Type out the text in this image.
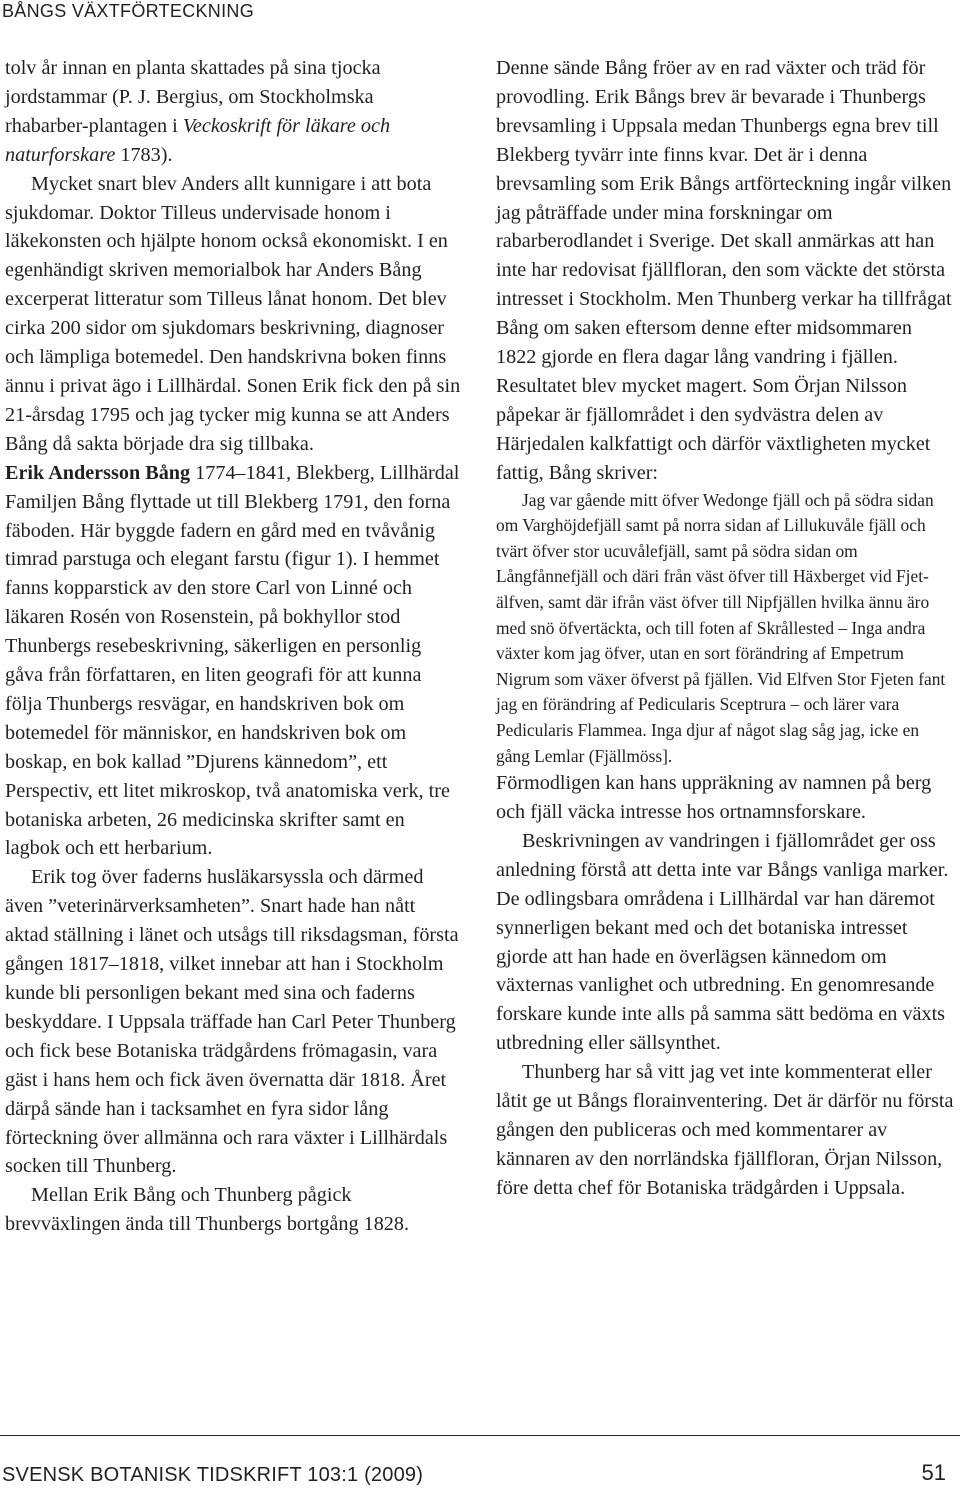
BÅNGS VÄXTFÖRTECKNING

tolv år innan en planta skattades på sina tjocka jordstammar (P. J. Bergius, om Stockholmska rhabarber-plantagen i Veckoskrift för läkare och naturforskare 1783).

Mycket snart blev Anders allt kunnigare i att bota sjukdomar. Doktor Tilleus undervisade honom i läkekonsten och hjälpte honom också ekonomiskt. I en egenhändigt skriven memorialbok har Anders Bång excerperat litteratur som Tilleus lånat honom. Det blev cirka 200 sidor om sjukdomars beskrivning, diagnoser och lämpliga botemedel. Den handskrivna boken finns ännu i privat ägo i Lillhärdal. Sonen Erik fick den på sin 21-årsdag 1795 och jag tycker mig kunna se att Anders Bång då sakta började dra sig tillbaka.

Erik Andersson Bång 1774–1841, Blekberg, Lillhärdal

Familjen Bång flyttade ut till Blekberg 1791, den forna fäboden. Här byggde fadern en gård med en tvåvånig timrad parstuga och elegant farstu (figur 1). I hemmet fanns kopparstick av den store Carl von Linné och läkaren Rosén von Rosenstein, på bokhyllor stod Thunbergs resebeskrivning, säkerligen en personlig gåva från författaren, en liten geografi för att kunna följa Thunbergs resvägar, en handskriven bok om botemedel för människor, en handskriven bok om boskap, en bok kallad ”Djurens kännedom”, ett Perspectiv, ett litet mikroskop, två anatomiska verk, tre botaniska arbeten, 26 medicinska skrifter samt en lagbok och ett herbarium.

Erik tog över faderns husläkarsyssla och därmed även ”veterinärverksamheten”. Snart hade han nått aktad ställning i länet och utsågs till riksdagsman, första gången 1817–1818, vilket innebar att han i Stockholm kunde bli personligen bekant med sina och faderns beskyddare. I Uppsala träffade han Carl Peter Thunberg och fick bese Botaniska trädgårdens frömagasin, vara gäst i hans hem och fick även övernatta där 1818. Året därpå sände han i tacksamhet en fyra sidor lång förteckning över allmänna och rara växter i Lillhärdals socken till Thunberg.

Mellan Erik Bång och Thunberg pågick brevväxlingen ända till Thunbergs bortgång 1828.

Denne sände Bång fröer av en rad växter och träd för provodling. Erik Bångs brev är bevarade i Thunbergs brevsamling i Uppsala medan Thunbergs egna brev till Blekberg tyvärr inte finns kvar. Det är i denna brevsamling som Erik Bångs artförteckning ingår vilken jag påträffade under mina forskningar om rabarberodlandet i Sverige. Det skall anmärkas att han inte har redovisat fjällfloran, den som väckte det största intresset i Stockholm. Men Thunberg verkar ha tillfrågat Bång om saken eftersom denne efter midsommaren 1822 gjorde en flera dagar lång vandring i fjällen. Resultatet blev mycket magert. Som Örjan Nilsson påpekar är fjällområdet i den sydvästra delen av Härjedalen kalkfattigt och därför växtligheten mycket fattig, Bång skriver:

Jag var gående mitt öfver Wedonge fjäll och på södra sidan om Varghöjdefjäll samt på norra sidan af Lillukuvåle fjäll och tvärt öfver stor ucuvålefjäll, samt på södra sidan om Långfånnefjäll och däri från väst öfver till Häxberget vid Fjet-älfven, samt där ifrån väst öfver till Nipfjällen hvilka ännu äro med snö öfvertäckta, och till foten af Skrållested – Inga andra växter kom jag öfver, utan en sort förändring af Empetrum Nigrum som växer öfverst på fjällen. Vid Elfven Stor Fjeten fant jag en förändring af Pedicularis Sceptrura – och lärer vara Pedicularis Flammea. Inga djur af något slag såg jag, icke en gång Lemlar (Fjällmöss].

Förmodligen kan hans uppräkning av namnen på berg och fjäll väcka intresse hos ortnamnsforskare.

Beskrivningen av vandringen i fjällområdet ger oss anledning förstå att detta inte var Bångs vanliga marker. De odlingsbara områdena i Lillhärdal var han däremot synnerligen bekant med och det botaniska intresset gjorde att han hade en överlägsen kännedom om växternas vanlighet och utbredning. En genomresande forskare kunde inte alls på samma sätt bedöma en växts utbredning eller sällsynthet.

Thunberg har så vitt jag vet inte kommenterat eller låtit ge ut Bångs florainventering. Det är därför nu första gången den publiceras och med kommentarer av kännaren av den norrländska fjällfloran, Örjan Nilsson, före detta chef för Botaniska trädgården i Uppsala.

SVENSK BOTANISK TIDSKRIFT 103:1 (2009)	51
